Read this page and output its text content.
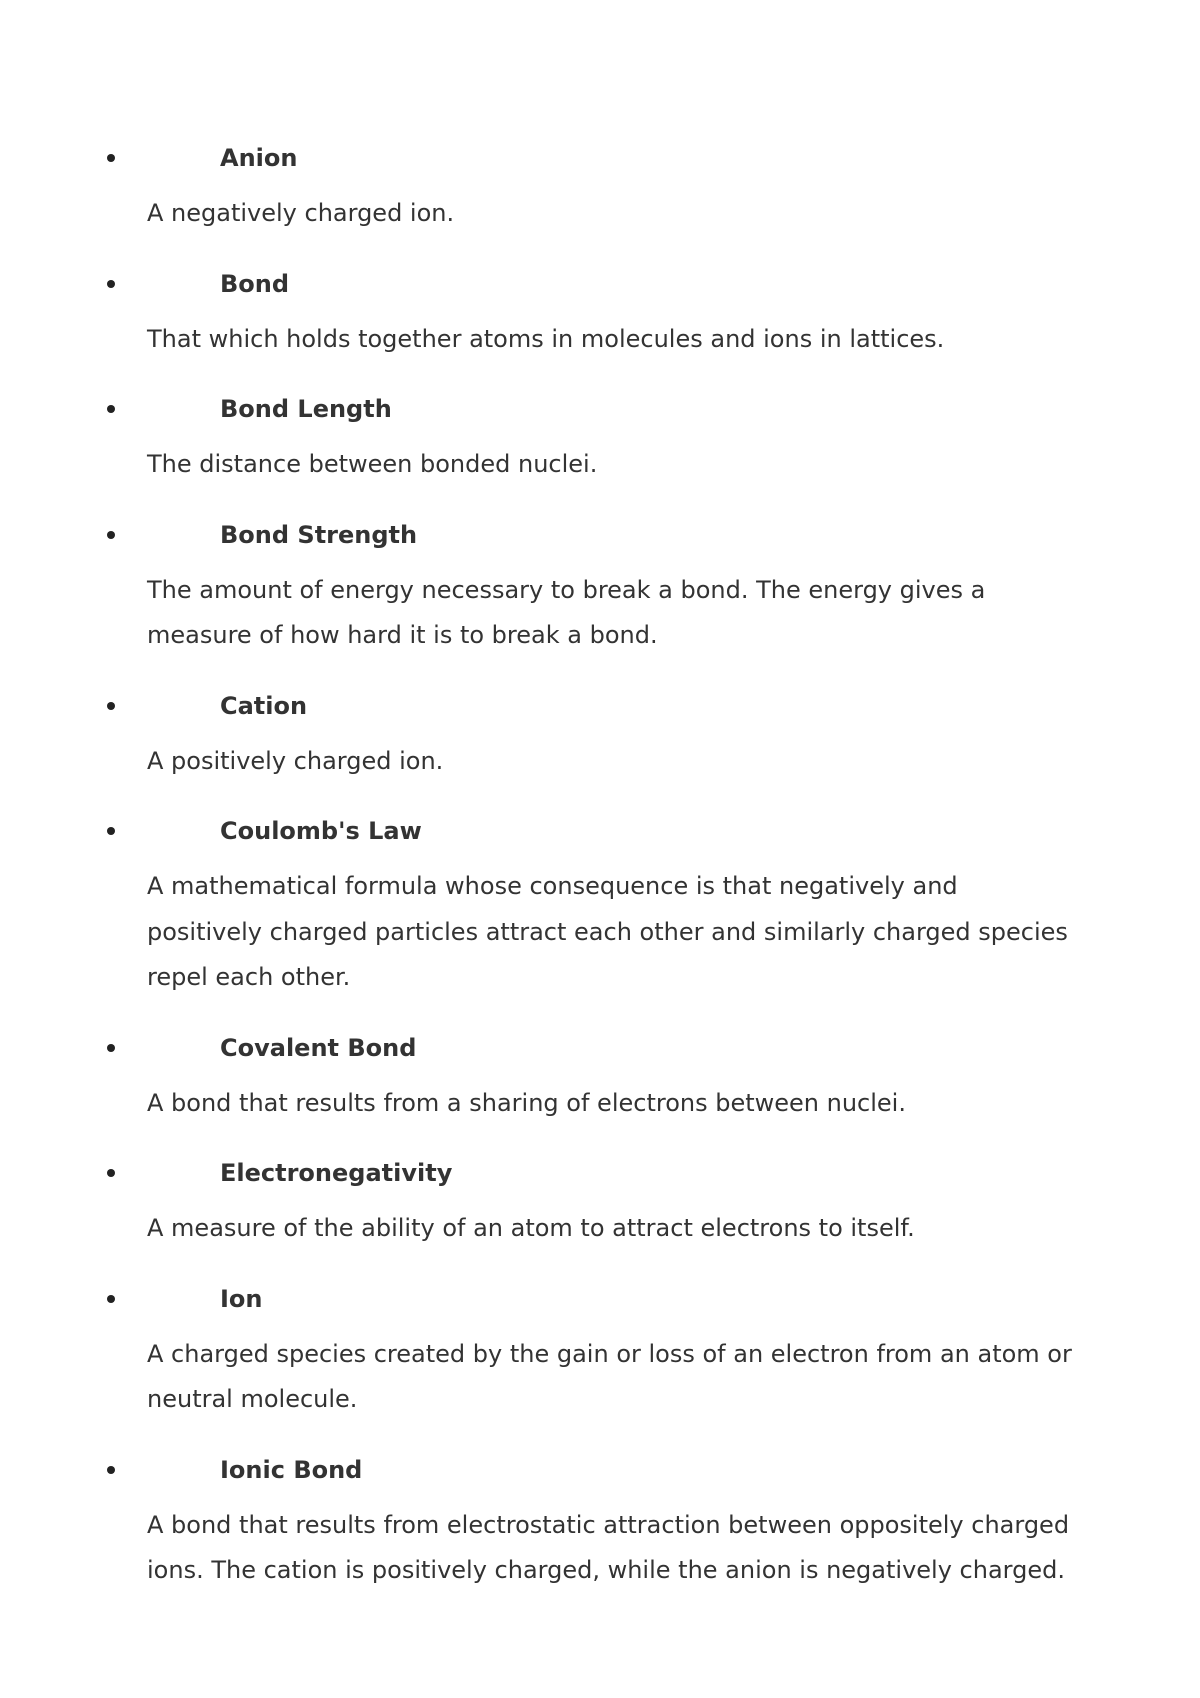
Anion
A negatively charged ion.
Bond
That which holds together atoms in molecules and ions in lattices.
Bond Length
The distance between bonded nuclei.
Bond Strength
The amount of energy necessary to break a bond. The energy gives a measure of how hard it is to break a bond.
Cation
A positively charged ion.
Coulomb's Law
A mathematical formula whose consequence is that negatively and positively charged particles attract each other and similarly charged species repel each other.
Covalent Bond
A bond that results from a sharing of electrons between nuclei.
Electronegativity
A measure of the ability of an atom to attract electrons to itself.
Ion
A charged species created by the gain or loss of an electron from an atom or neutral molecule.
Ionic Bond
A bond that results from electrostatic attraction between oppositely charged ions. The cation is positively charged, while the anion is negatively charged.
